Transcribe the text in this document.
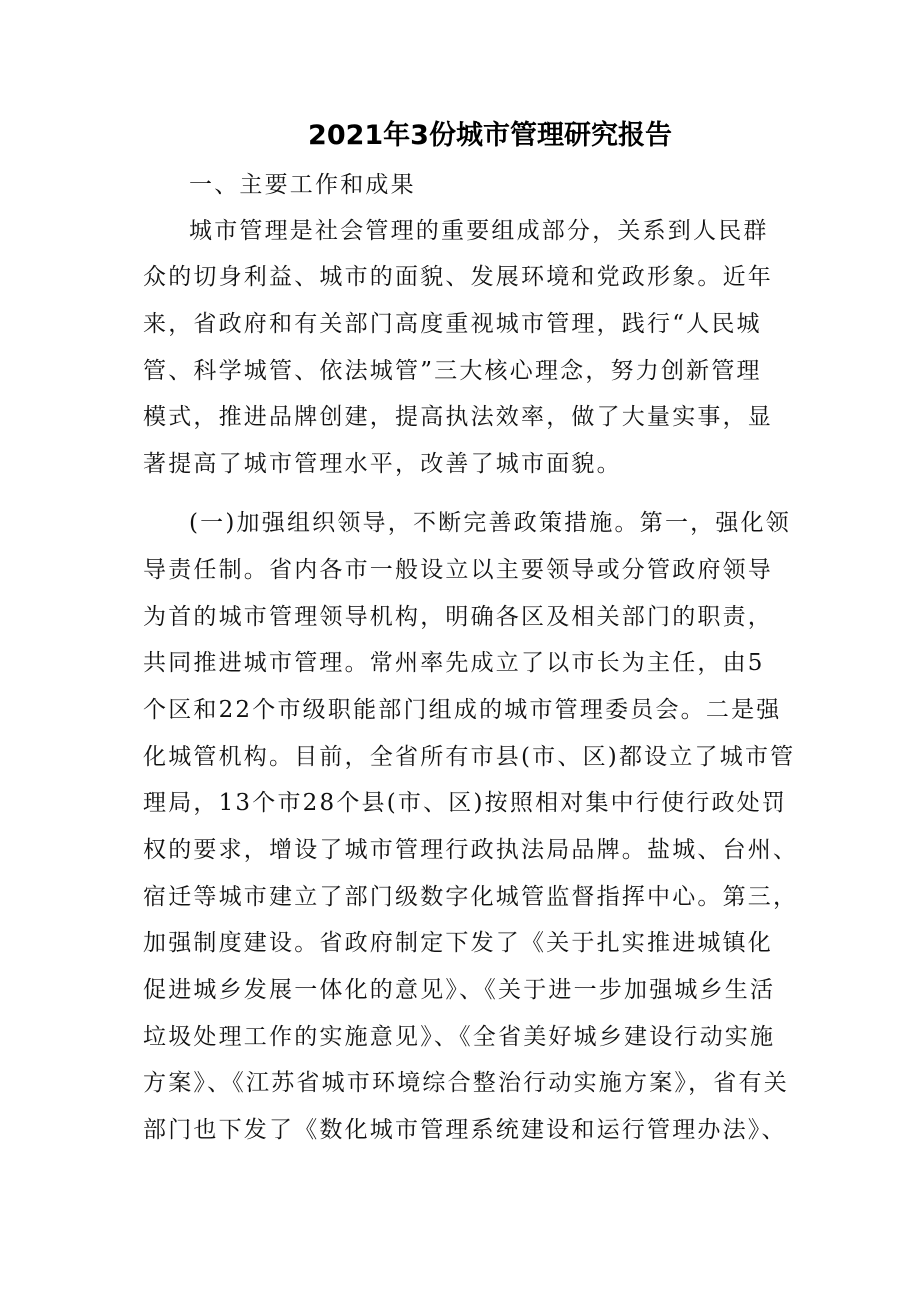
2021年3份城市管理研究报告
一、主要工作和成果
城市管理是社会管理的重要组成部分，关系到人民群
众的切身利益、城市的面貌、发展环境和党政形象。近年
来，省政府和有关部门高度重视城市管理，践行“人民城
管、科学城管、依法城管”三大核心理念，努力创新管理
模式，推进品牌创建，提高执法效率，做了大量实事，显
著提高了城市管理水平，改善了城市面貌。
(一)加强组织领导，不断完善政策措施。第一，强化领
导责任制。省内各市一般设立以主要领导或分管政府领导
为首的城市管理领导机构，明确各区及相关部门的职责，
共同推进城市管理。常州率先成立了以市长为主任，由5
个区和22个市级职能部门组成的城市管理委员会。二是强
化城管机构。目前，全省所有市县(市、区)都设立了城市管
理局，13个市28个县(市、区)按照相对集中行使行政处罚
权的要求，增设了城市管理行政执法局品牌。盐城、台州、
宿迁等城市建立了部门级数字化城管监督指挥中心。第三，
加强制度建设。省政府制定下发了《关于扎实推进城镇化
促进城乡发展一体化的意见》、《关于进一步加强城乡生活
垃圾处理工作的实施意见》、《全省美好城乡建设行动实施
方案》、《江苏省城市环境综合整治行动实施方案》，省有关
部门也下发了《数化城市管理系统建设和运行管理办法》、
